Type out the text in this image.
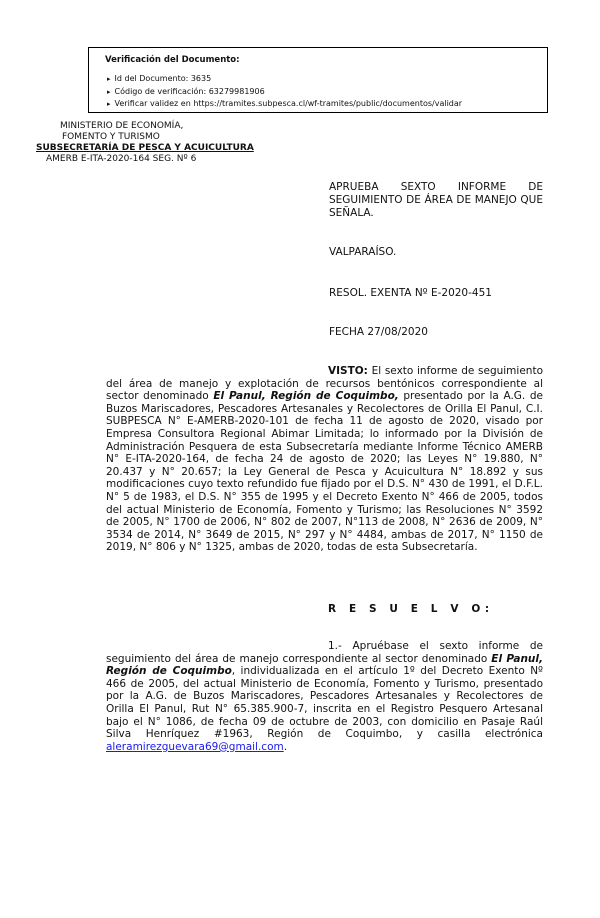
Verificación del Documento:

▸ Id del Documento: 3635
▸ Código de verificación: 63279981906
▸ Verificar validez en https://tramites.subpesca.cl/wf-tramites/public/documentos/validar
MINISTERIO DE ECONOMÍA,
FOMENTO Y TURISMO
SUBSECRETARÍA DE PESCA Y ACUICULTURA
AMERB E-ITA-2020-164 SEG. Nº 6
APRUEBA SEXTO INFORME DE SEGUIMIENTO DE ÁREA DE MANEJO QUE SEÑALA.
VALPARAÍSO.
RESOL. EXENTA Nº E-2020-451
FECHA 27/08/2020

VISTO: El sexto informe de seguimiento del área de manejo y explotación de recursos bentónicos correspondiente al sector denominado El Panul, Región de Coquimbo, presentado por la A.G. de Buzos Mariscadores, Pescadores Artesanales y Recolectores de Orilla El Panul, C.I. SUBPESCA N° E-AMERB-2020-101 de fecha 11 de agosto de 2020, visado por Empresa Consultora Regional Abimar Limitada; lo informado por la División de Administración Pesquera de esta Subsecretaría mediante Informe Técnico AMERB N° E-ITA-2020-164, de fecha 24 de agosto de 2020; las Leyes N° 19.880, N° 20.437 y N° 20.657; la Ley General de Pesca y Acuicultura N° 18.892 y sus modificaciones cuyo texto refundido fue fijado por el D.S. N° 430 de 1991, el D.F.L. N° 5 de 1983, el D.S. N° 355 de 1995 y el Decreto Exento N° 466 de 2005, todos del actual Ministerio de Economía, Fomento y Turismo; las Resoluciones N° 3592 de 2005, N° 1700 de 2006, N° 802 de 2007, N°113 de 2008, N° 2636 de 2009, N° 3534 de 2014, N° 3649 de 2015, N° 297 y N° 4484, ambas de 2017, N° 1150 de 2019, N° 806 y N° 1325, ambas de 2020, todas de esta Subsecretaría.

R E S U E L V O:

1.- Apruébase el sexto informe de seguimiento del área de manejo correspondiente al sector denominado El Panul, Región de Coquimbo, individualizada en el artículo 1º del Decreto Exento Nº 466 de 2005, del actual Ministerio de Economía, Fomento y Turismo, presentado por la A.G. de Buzos Mariscadores, Pescadores Artesanales y Recolectores de Orilla El Panul, Rut N° 65.385.900-7, inscrita en el Registro Pesquero Artesanal bajo el N° 1086, de fecha 09 de octubre de 2003, con domicilio en Pasaje Raúl Silva Henríquez #1963, Región de Coquimbo, y casilla electrónica aleramirezguevara69@gmail.com.
